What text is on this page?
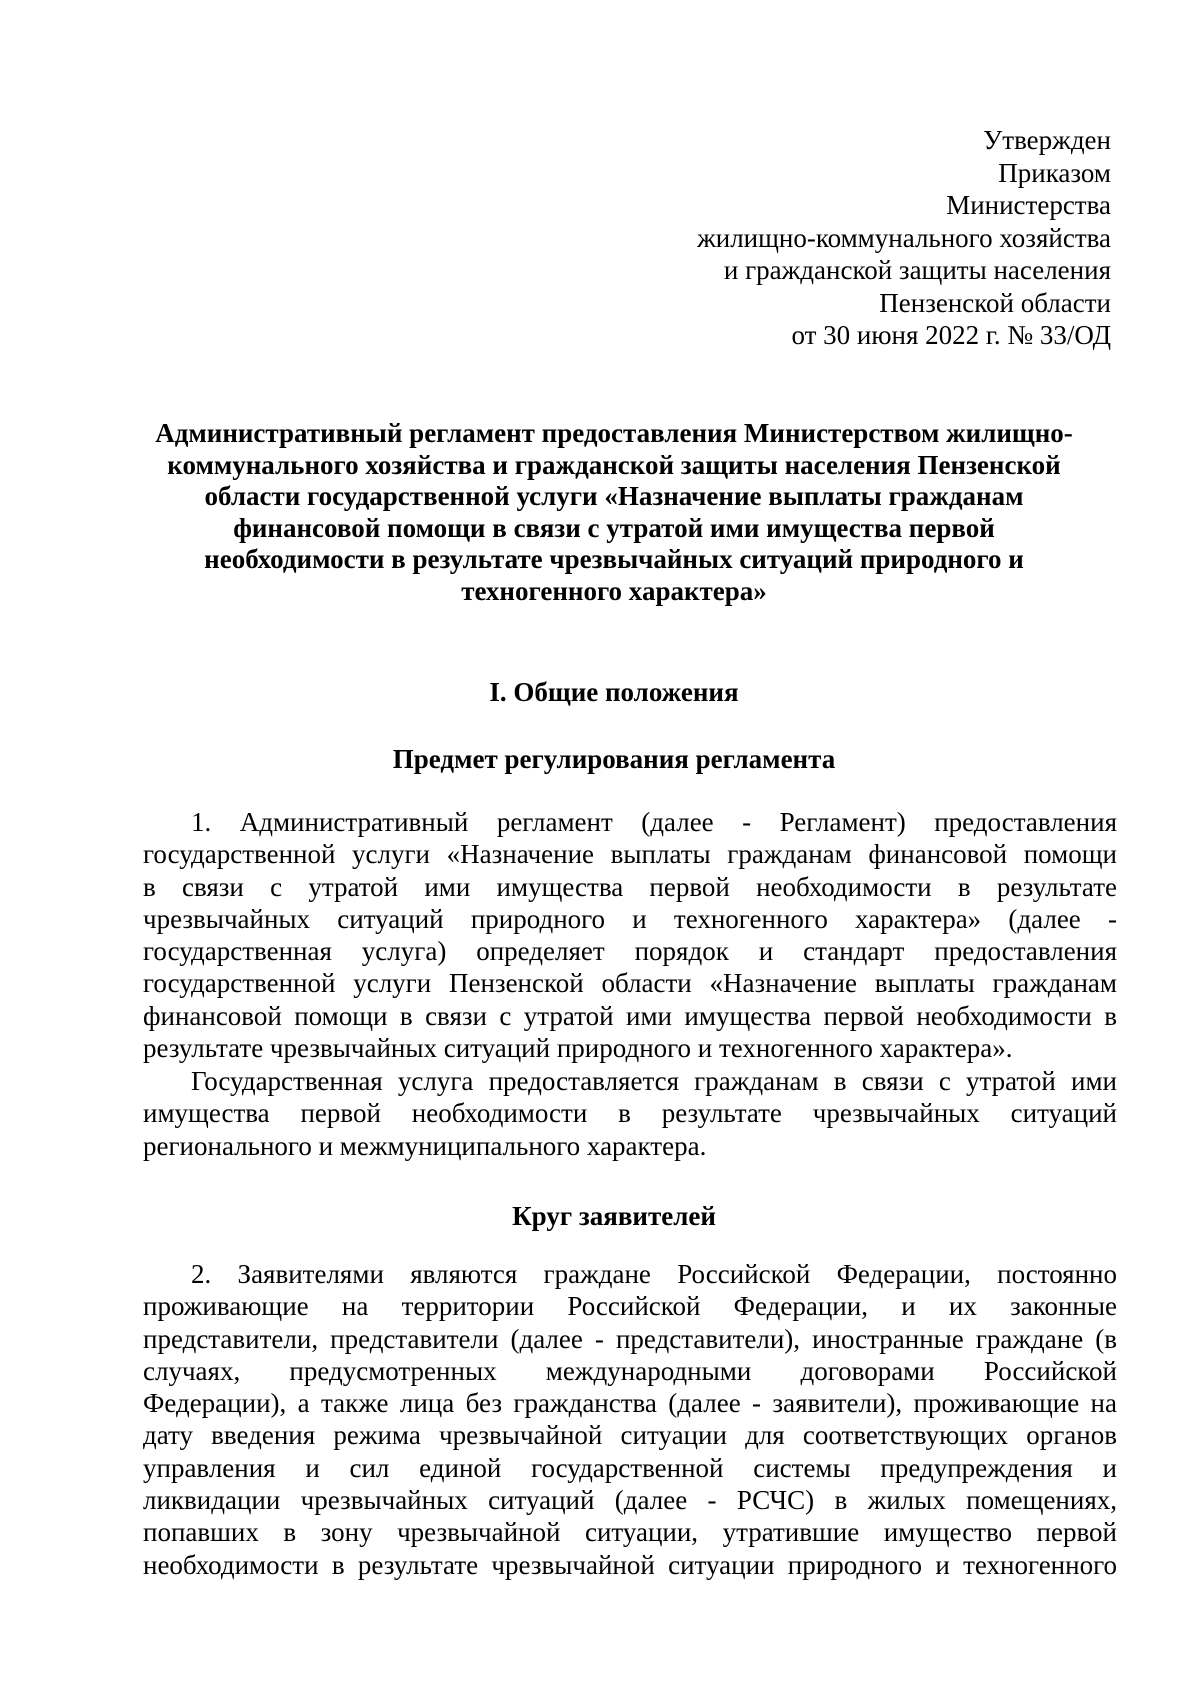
Утвержден
Приказом
Министерства
жилищно-коммунального хозяйства
и гражданской защиты населения
Пензенской области
от 30 июня 2022 г. № 33/ОД
Административный регламент предоставления Министерством жилищно-
коммунального хозяйства и гражданской защиты населения Пензенской
области государственной услуги «Назначение выплаты гражданам
финансовой помощи в связи с утратой ими имущества первой
необходимости в результате чрезвычайных ситуаций природного и
техногенного характера»
I. Общие положения
Предмет регулирования регламента
1. Административный регламент (далее - Регламент) предоставления
государственной услуги «Назначение выплаты гражданам финансовой помощи
в связи с утратой ими имущества первой необходимости в результате
чрезвычайных ситуаций природного и техногенного характера» (далее -
государственная услуга) определяет порядок и стандарт предоставления
государственной услуги Пензенской области «Назначение выплаты гражданам
финансовой помощи в связи с утратой ими имущества первой необходимости в
результате чрезвычайных ситуаций природного и техногенного характера».
Государственная услуга предоставляется гражданам в связи с утратой ими
имущества первой необходимости в результате чрезвычайных ситуаций
регионального и межмуниципального характера.
Круг заявителей
2. Заявителями являются граждане Российской Федерации, постоянно
проживающие на территории Российской Федерации, и их законные
представители, представители (далее - представители), иностранные граждане (в
случаях, предусмотренных международными договорами Российской
Федерации), а также лица без гражданства (далее - заявители), проживающие на
дату введения режима чрезвычайной ситуации для соответствующих органов
управления и сил единой государственной системы предупреждения и
ликвидации чрезвычайных ситуаций (далее - РСЧС) в жилых помещениях,
попавших в зону чрезвычайной ситуации, утратившие имущество первой
необходимости в результате чрезвычайной ситуации природного и техногенного
